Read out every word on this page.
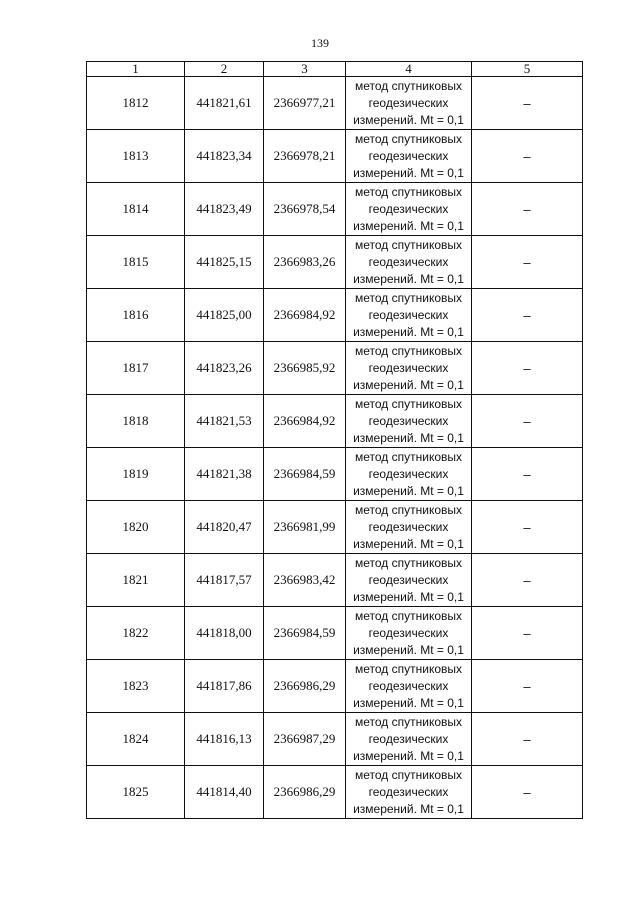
139
1	2	3	4	5
1812	441821,61	2366977,21	метод спутниковых
геодезических
измерений. Mt = 0,1	–
1813	441823,34	2366978,21	метод спутниковых
геодезических
измерений. Mt = 0,1	–
1814	441823,49	2366978,54	метод спутниковых
геодезических
измерений. Mt = 0,1	–
1815	441825,15	2366983,26	метод спутниковых
геодезических
измерений. Mt = 0,1	–
1816	441825,00	2366984,92	метод спутниковых
геодезических
измерений. Mt = 0,1	–
1817	441823,26	2366985,92	метод спутниковых
геодезических
измерений. Mt = 0,1	–
1818	441821,53	2366984,92	метод спутниковых
геодезических
измерений. Mt = 0,1	–
1819	441821,38	2366984,59	метод спутниковых
геодезических
измерений. Mt = 0,1	–
1820	441820,47	2366981,99	метод спутниковых
геодезических
измерений. Mt = 0,1	–
1821	441817,57	2366983,42	метод спутниковых
геодезических
измерений. Mt = 0,1	–
1822	441818,00	2366984,59	метод спутниковых
геодезических
измерений. Mt = 0,1	–
1823	441817,86	2366986,29	метод спутниковых
геодезических
измерений. Mt = 0,1	–
1824	441816,13	2366987,29	метод спутниковых
геодезических
измерений. Mt = 0,1	–
1825	441814,40	2366986,29	метод спутниковых
геодезических
измерений. Mt = 0,1	–
